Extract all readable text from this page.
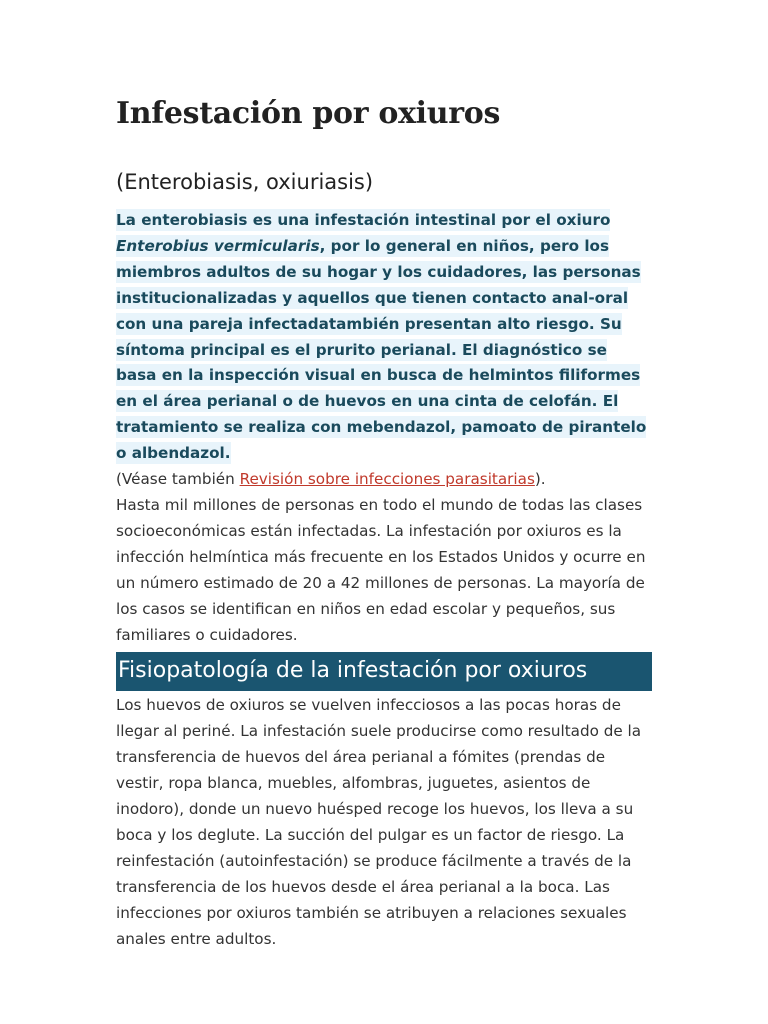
Infestación por oxiuros
(Enterobiasis, oxiuriasis)
La enterobiasis es una infestación intestinal por el oxiuro Enterobius vermicularis, por lo general en niños, pero los miembros adultos de su hogar y los cuidadores, las personas institucionalizadas y aquellos que tienen contacto anal-oral con una pareja infectadatambién presentan alto riesgo. Su síntoma principal es el prurito perianal. El diagnóstico se basa en la inspección visual en busca de helmintos filiformes en el área perianal o de huevos en una cinta de celofán. El tratamiento se realiza con mebendazol, pamoato de pirantelo o albendazol.

(Véase también Revisión sobre infecciones parasitarias).

Hasta mil millones de personas en todo el mundo de todas las clases socioeconómicas están infectadas. La infestación por oxiuros es la infección helmíntica más frecuente en los Estados Unidos y ocurre en un número estimado de 20 a 42 millones de personas. La mayoría de los casos se identifican en niños en edad escolar y pequeños, sus familiares o cuidadores.

Fisiopatología de la infestación por oxiuros

Los huevos de oxiuros se vuelven infecciosos a las pocas horas de llegar al periné. La infestación suele producirse como resultado de la transferencia de huevos del área perianal a fómites (prendas de vestir, ropa blanca, muebles, alfombras, juguetes, asientos de inodoro), donde un nuevo huésped recoge los huevos, los lleva a su boca y los deglute. La succión del pulgar es un factor de riesgo. La reinfestación (autoinfestación) se produce fácilmente a través de la transferencia de los huevos desde el área perianal a la boca. Las infecciones por oxiuros también se atribuyen a relaciones sexuales anales entre adultos.
